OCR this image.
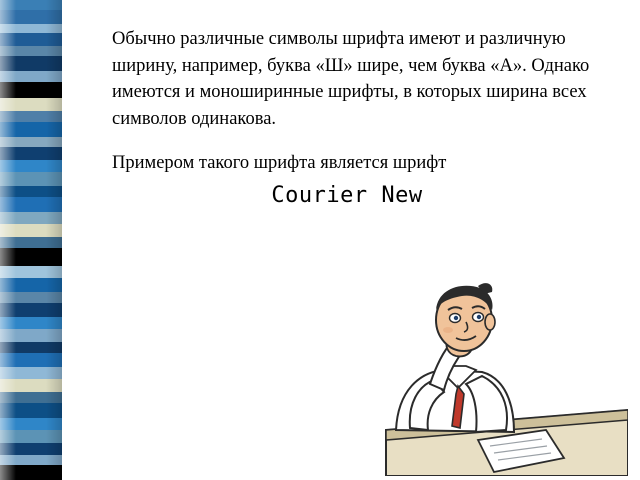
Обычно различные символы шрифта имеют и различную ширину, например, буква «Ш» шире, чем буква «А». Однако имеются и моноширинные шрифты, в которых ширина всех символов одинакова.
Примером такого шрифта является шрифт
Courier New
